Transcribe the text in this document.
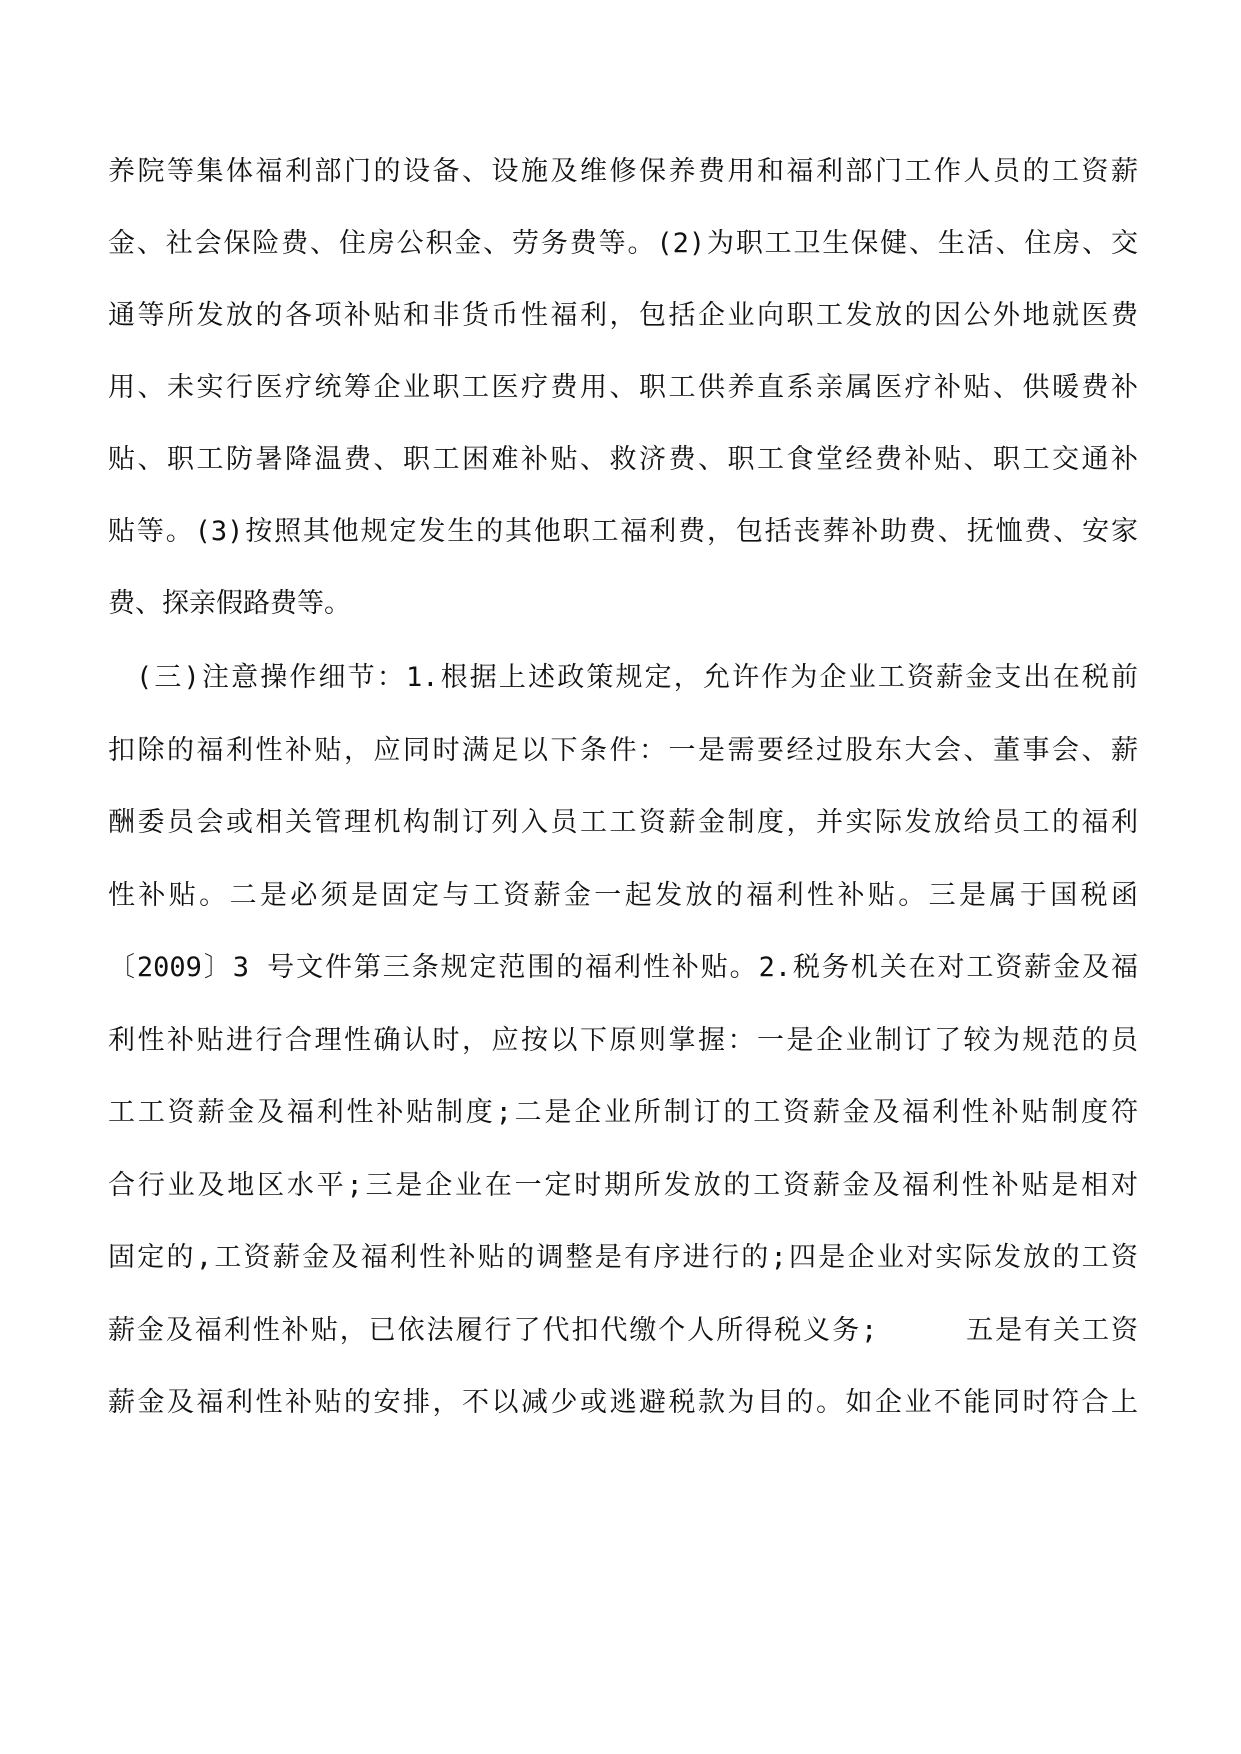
养院等集体福利部门的设备、设施及维修保养费用和福利部门工作人员的工资薪
金、社会保险费、住房公积金、劳务费等。(2)为职工卫生保健、生活、住房、交
通等所发放的各项补贴和非货币性福利，包括企业向职工发放的因公外地就医费
用、未实行医疗统筹企业职工医疗费用、职工供养直系亲属医疗补贴、供暖费补
贴、职工防暑降温费、职工困难补贴、救济费、职工食堂经费补贴、职工交通补
贴等。(3)按照其他规定发生的其他职工福利费，包括丧葬补助费、抚恤费、安家
费、探亲假路费等。
(三)注意操作细节：1.根据上述政策规定，允许作为企业工资薪金支出在税前
扣除的福利性补贴，应同时满足以下条件：一是需要经过股东大会、董事会、薪
酬委员会或相关管理机构制订列入员工工资薪金制度，并实际发放给员工的福利
性补贴。二是必须是固定与工资薪金一起发放的福利性补贴。三是属于国税函
〔2009〕3 号文件第三条规定范围的福利性补贴。2.税务机关在对工资薪金及福
利性补贴进行合理性确认时，应按以下原则掌握：一是企业制订了较为规范的员
工工资薪金及福利性补贴制度;二是企业所制订的工资薪金及福利性补贴制度符
合行业及地区水平;三是企业在一定时期所发放的工资薪金及福利性补贴是相对
固定的,工资薪金及福利性补贴的调整是有序进行的;四是企业对实际发放的工资
薪金及福利性补贴，已依法履行了代扣代缴个人所得税义务;　　　五是有关工资
薪金及福利性补贴的安排，不以减少或逃避税款为目的。如企业不能同时符合上
